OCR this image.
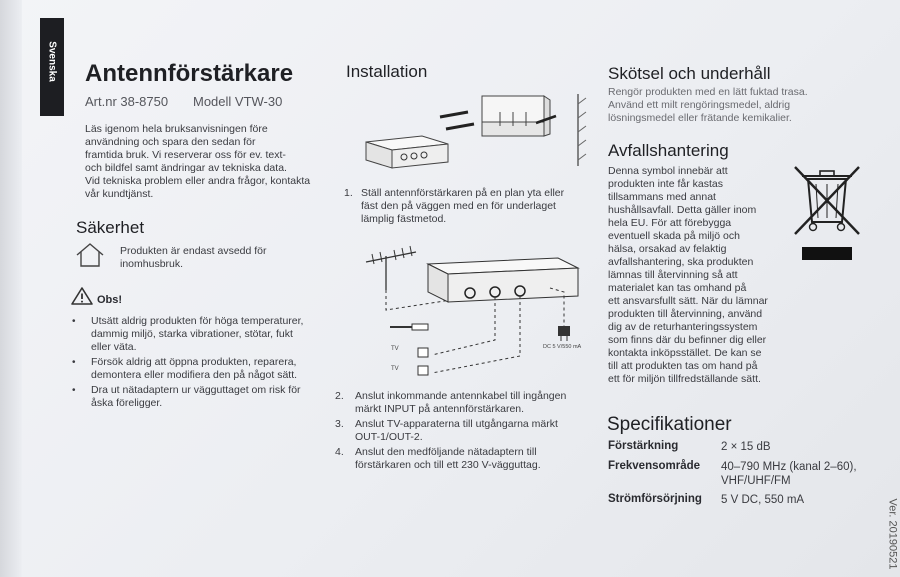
Svenska Antennförstärkare
Art.nr 38-8750 Modell VTW-30
Läs igenom hela bruksanvisningen före
användning och spara den sedan för
framtida bruk. Vi reserverar oss för ev. text-
och bildfel samt ändringar av tekniska data.
Vid tekniska problem eller andra frågor, kontakta
vår kundtjänst.
Säkerhet
Produkten är endast avsedd för
inomhusbruk.
Obs!
•	Utsätt aldrig produkten för höga temperaturer,
dammig miljö, starka vibrationer, stötar, fukt
eller väta.
•	Försök aldrig att öppna produkten, reparera,
demontera eller modifiera den på något sätt.
•	Dra ut nätadaptern ur vägguttaget om risk för
åska föreligger.
Installation
1. Ställ antennförstärkaren på en plan yta eller
fäst den på väggen med en för underlaget
lämplig fästmetod.
TV
TV
DC 5 V/550 mA
2. Anslut inkommande antennkabel till ingången
märkt INPUT på antennförstärkaren.
3. Anslut TV-apparaterna till utgångarna märkt
OUT-1/OUT-2.
4. Anslut den medföljande nätadaptern till
förstärkaren och till ett 230 V-vägguttag.
Skötsel och underhåll
Rengör produkten med en lätt fuktad trasa.
Använd ett milt rengöringsmedel, aldrig
lösningsmedel eller frätande kemikalier.
Avfallshantering
Denna symbol innebär att
produkten inte får kastas
tillsammans med annat
hushållsavfall. Detta gäller inom
hela EU. För att förebygga
eventuell skada på miljö och
hälsa, orsakad av felaktig
avfallshantering, ska produkten
lämnas till återvinning så att
materialet kan tas omhand på
ett ansvarsfullt sätt. När du lämnar
produkten till återvinning, använd
dig av de returhanteringssystem
som finns där du befinner dig eller
kontakta inköpsstället. De kan se
till att produkten tas om hand på
ett för miljön tillfredställande sätt.
Specifikationer
Förstärkning	2 × 15 dB
Frekvensområde 40–790 MHz (kanal 2–60),
VHF/UHF/FM
Strömförsörjning 5 V DC, 550 mA	Ver. 20190521
